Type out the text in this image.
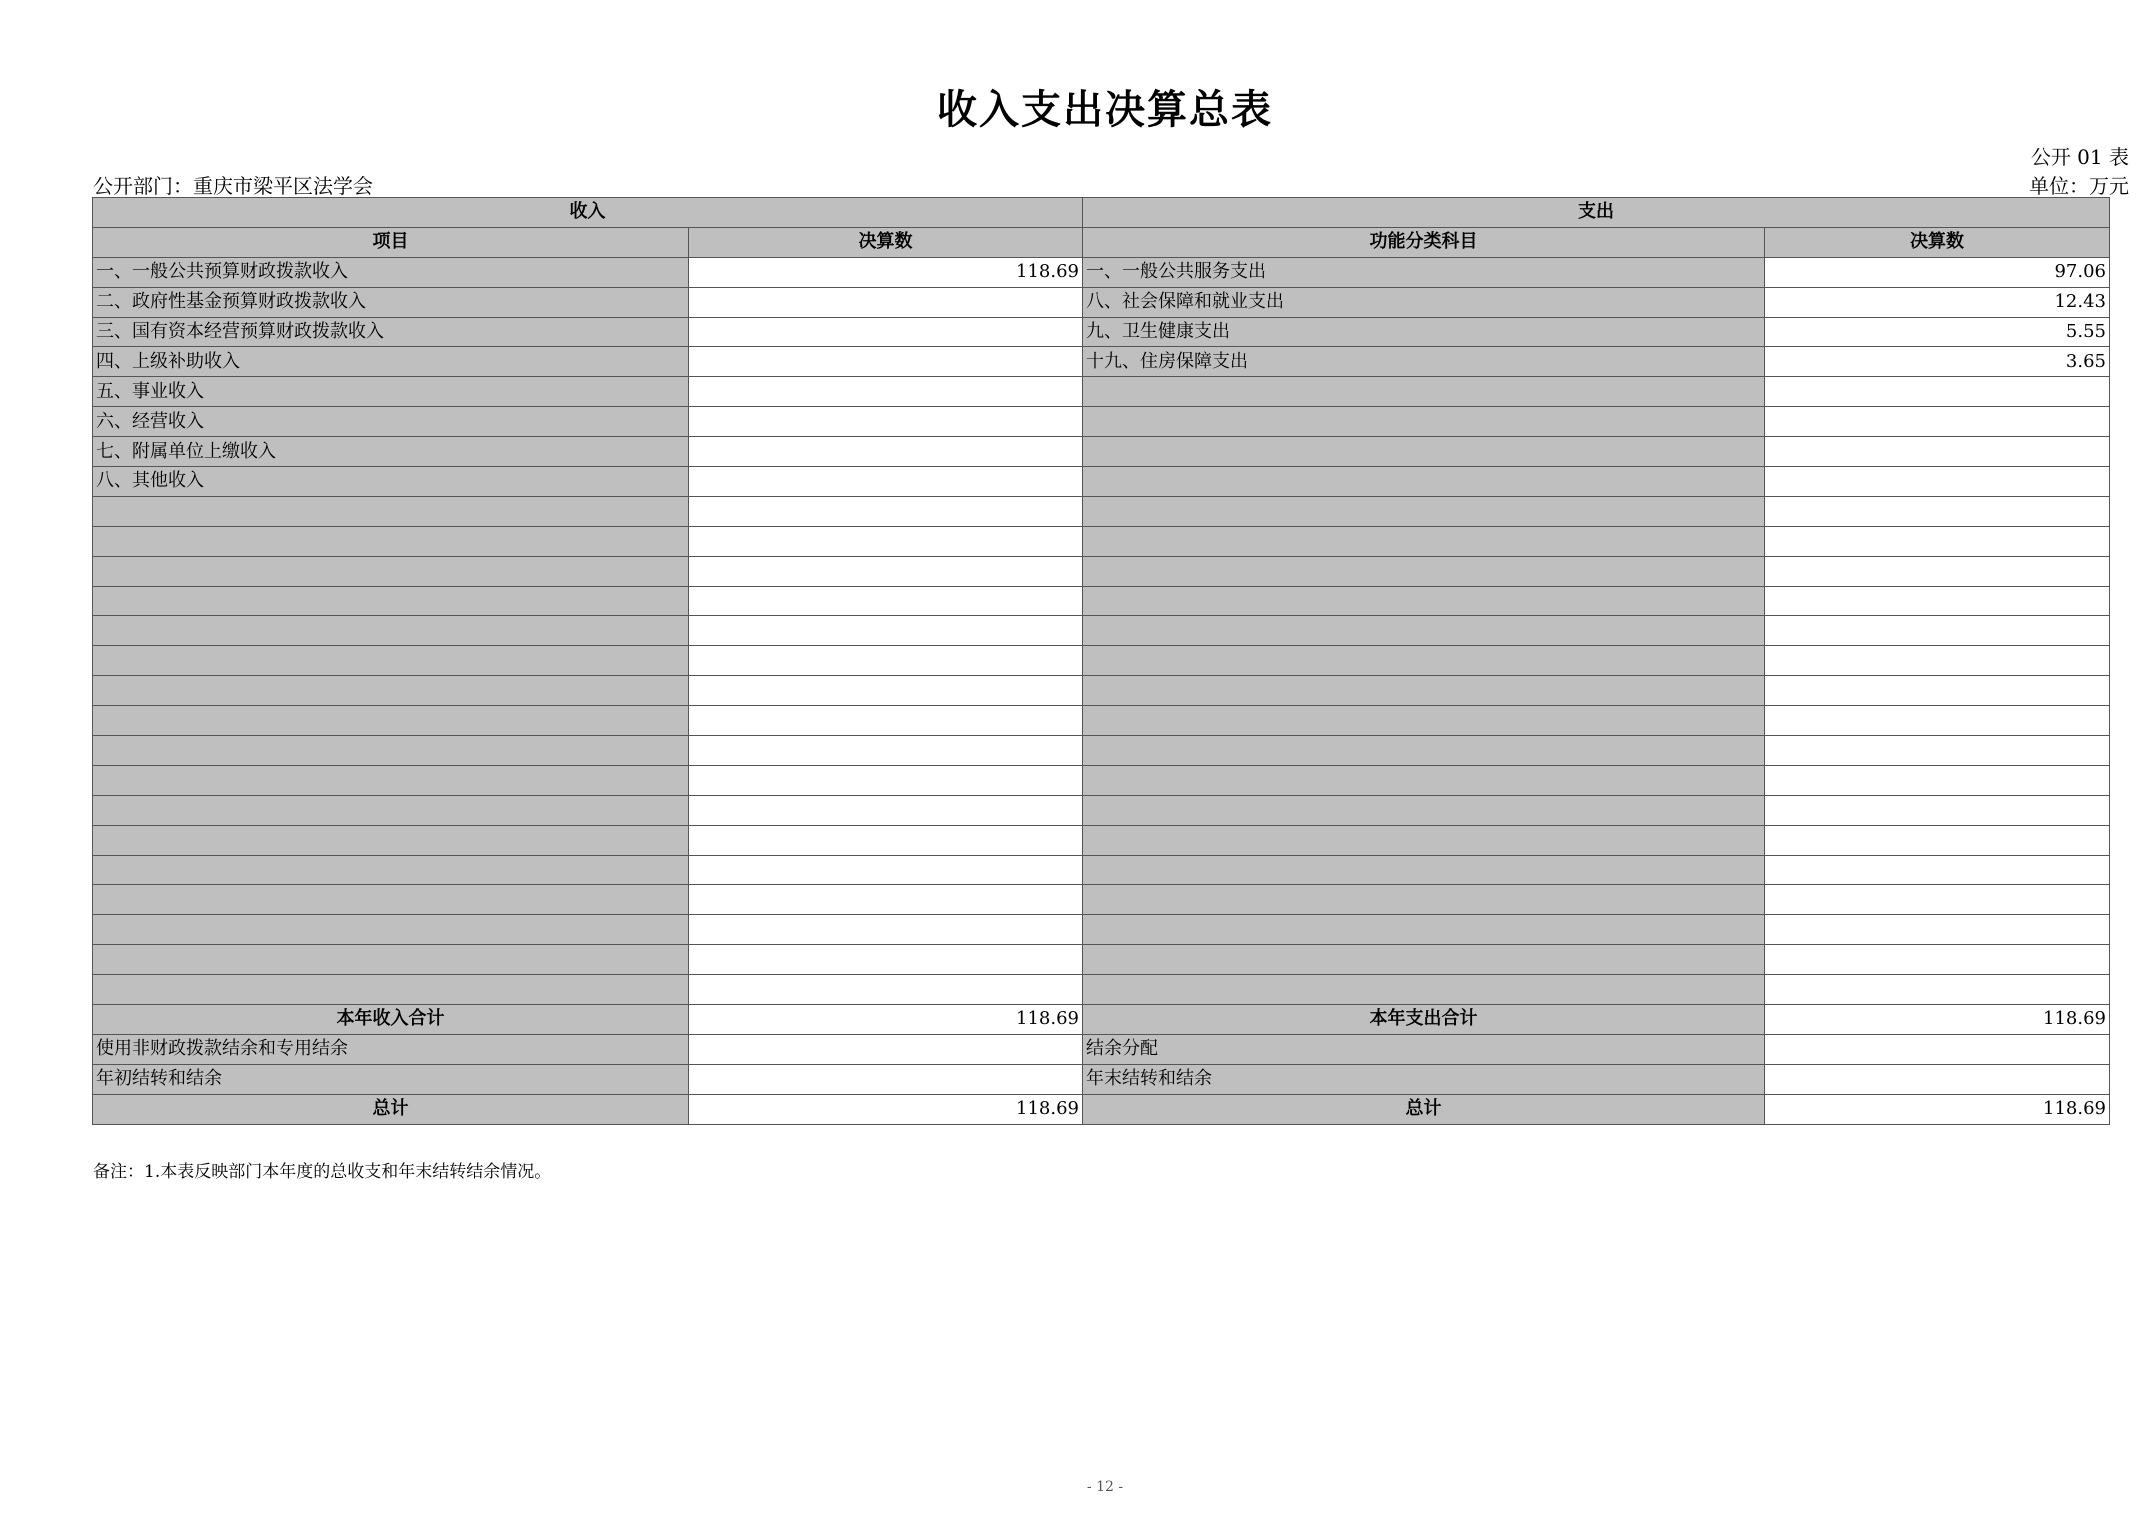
收入支出决算总表
公开 01 表
公开部门：重庆市梁平区法学会	单位：万元
收入		支出	
项目	决算数	功能分类科目	决算数
一、一般公共预算财政拨款收入	118.69	一、一般公共服务支出	97.06
二、政府性基金预算财政拨款收入		八、社会保障和就业支出	12.43
三、国有资本经营预算财政拨款收入		九、卫生健康支出	5.55
四、上级补助收入		十九、住房保障支出	3.65
五、事业收入			
六、经营收入			
七、附属单位上缴收入			
八、其他收入			

本年收入合计	118.69	本年支出合计	118.69
使用非财政拨款结余和专用结余		结余分配	
年初结转和结余		年末结转和结余	
总计	118.69	总计	118.69
备注：1.本表反映部门本年度的总收支和年末结转结余情况。
- 12 -
